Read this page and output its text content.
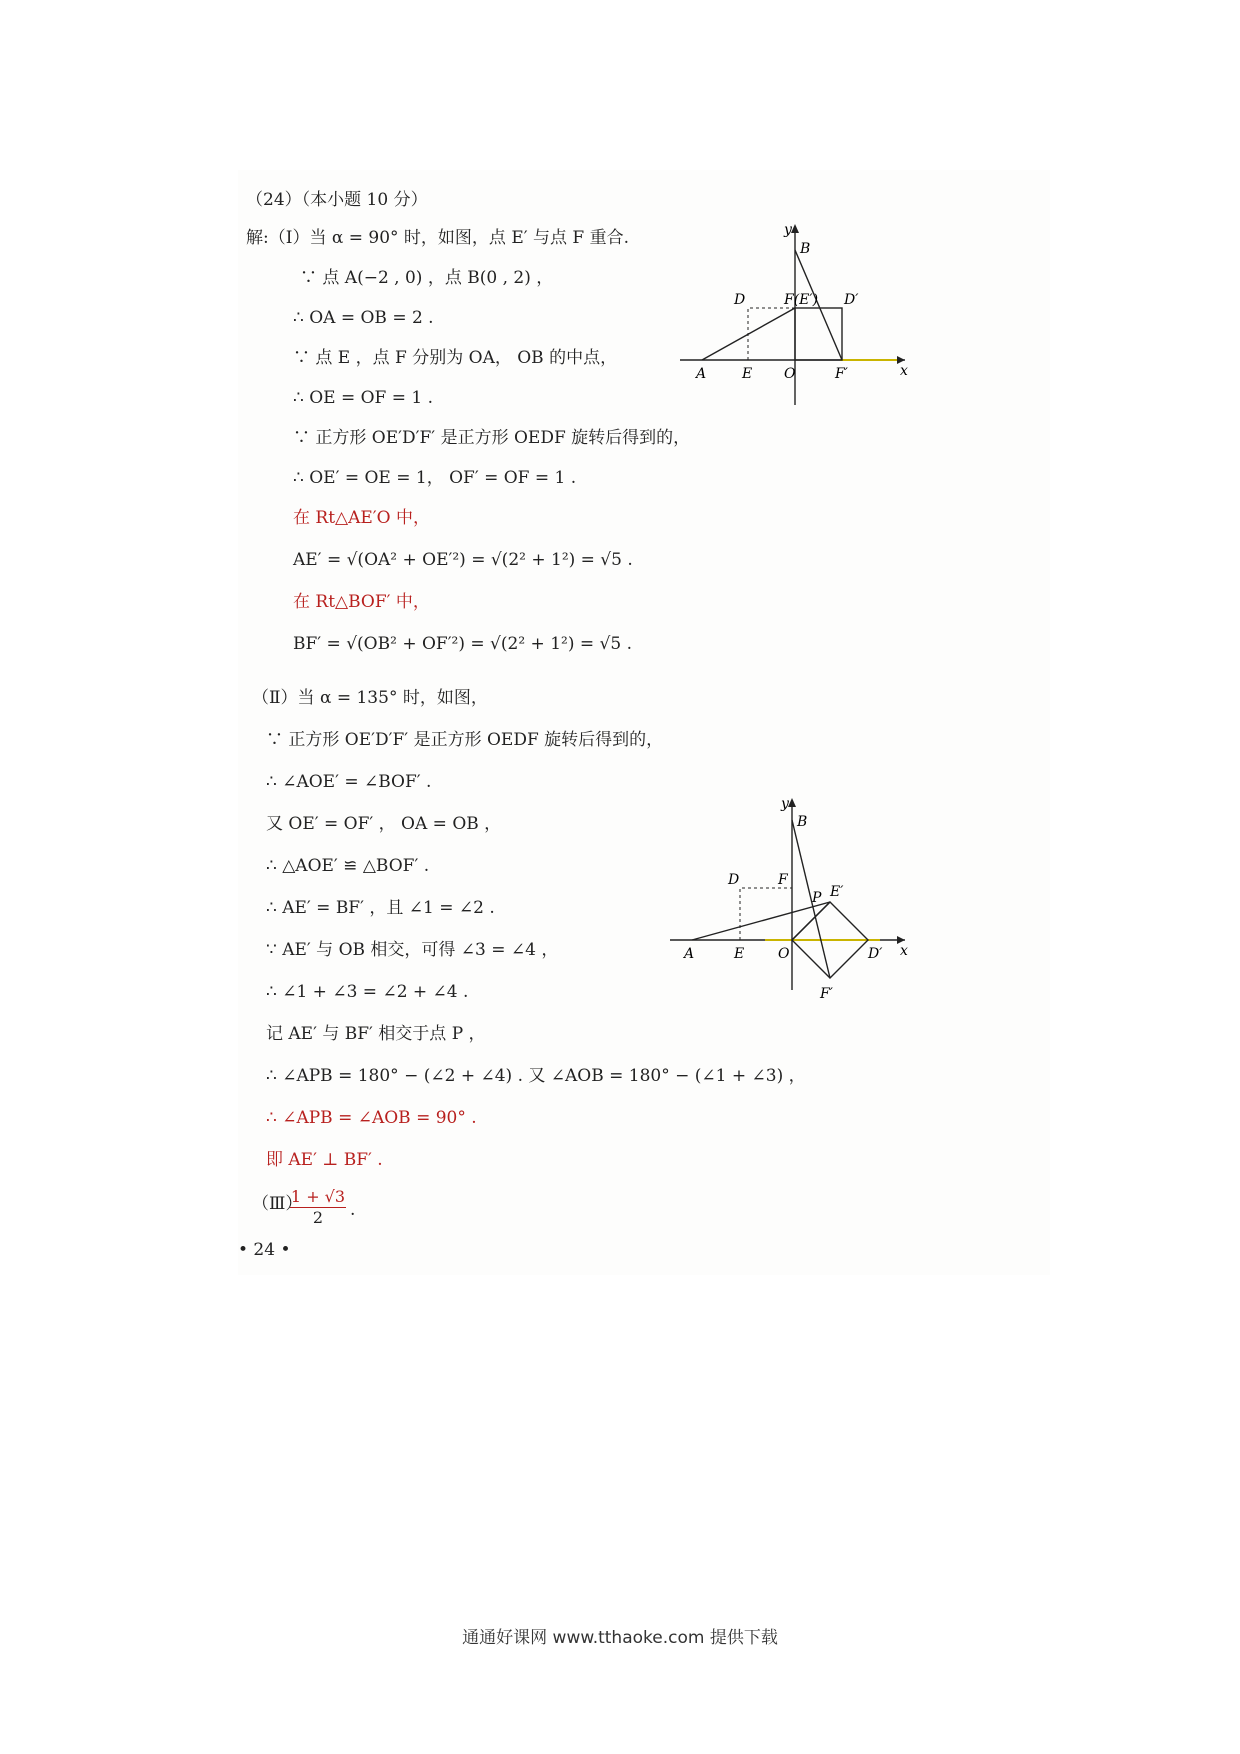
（24）（本小题 10 分）
解:（Ⅰ）当 α = 90° 时，如图，点 E′ 与点 F 重合.
∵ 点 A(−2 , 0) ，点 B(0 , 2) ，
∴ OA = OB = 2 .
∵ 点 E ，点 F 分别为 OA， OB 的中点，
∴ OE = OF = 1 .
∵ 正方形 OE′D′F′ 是正方形 OEDF 旋转后得到的，
∴ OE′ = OE = 1， OF′ = OF = 1 .
在 Rt△AE′O 中，
AE′ = √(OA² + OE′²) = √(2² + 1²) = √5 .
在 Rt△BOF′ 中，
BF′ = √(OB² + OF′²) = √(2² + 1²) = √5 .
y
B
D	F(E′) D′
A	E O	F′	x
（Ⅱ）当 α = 135° 时，如图，
∵ 正方形 OE′D′F′ 是正方形 OEDF 旋转后得到的，
∴ ∠AOE′ = ∠BOF′ .
又 OE′ = OF′ ， OA = OB ，
∴ △AOE′ ≌ △BOF′ .
∴ AE′ = BF′ ，且 ∠1 = ∠2 .
∵ AE′ 与 OB 相交，可得 ∠3 = ∠4 ，
∴ ∠1 + ∠3 = ∠2 + ∠4 .
记 AE′ 与 BF′ 相交于点 P ，
∴ ∠APB = 180° − (∠2 + ∠4) . 又 ∠AOB = 180° − (∠1 + ∠3) ，
∴ ∠APB = ∠AOB = 90° .
即 AE′ ⊥ BF′ .
y
B
D	F
P E′
A	E O	D′ x
F′
（Ⅲ）
$\frac{1 + √3}{2}$ .
• 24 •
通通好课网 www.tthaoke.com 提供下载
